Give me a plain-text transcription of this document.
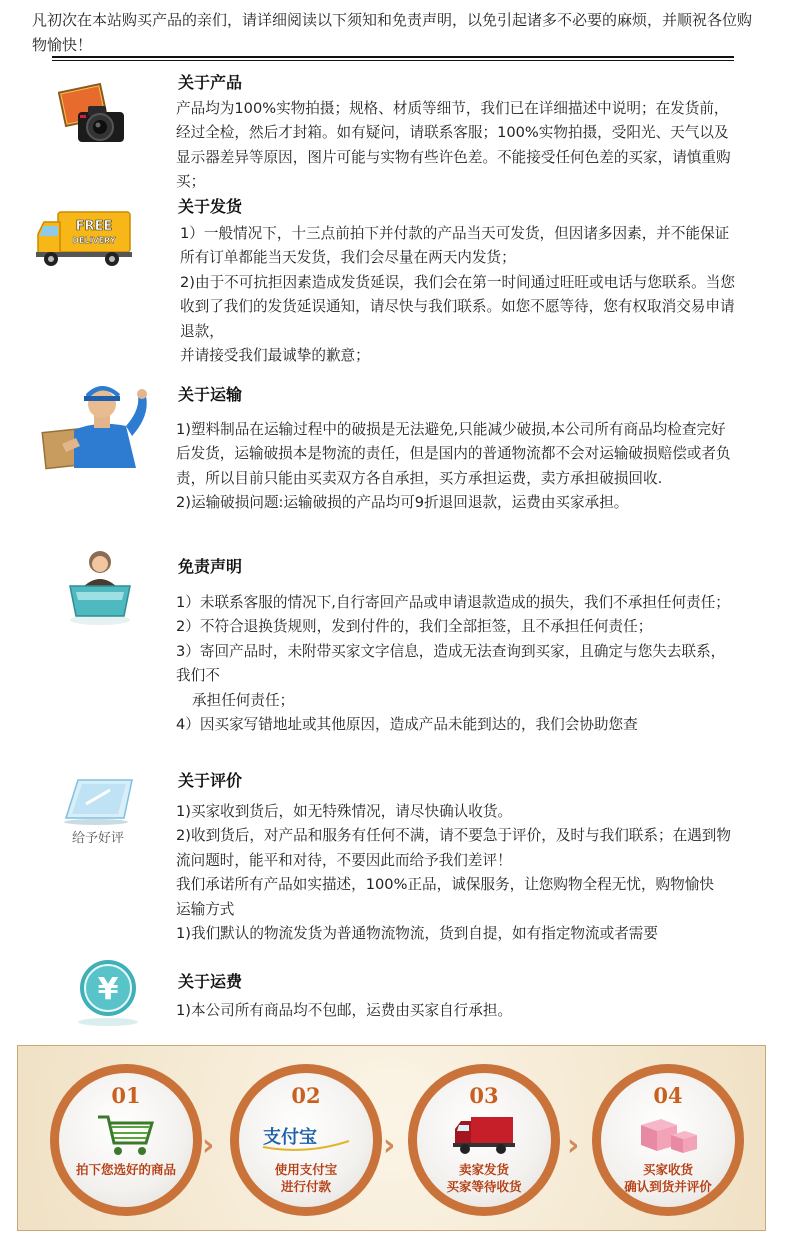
凡初次在本站购买产品的亲们，请详细阅读以下须知和免责声明，以免引起诸多不必要的麻烦，并顺祝各位购物愉快！
关于产品

产品均为100%实物拍摄；规格、材质等细节，我们已在详细描述中说明；在发货前，经过全检，然后才封箱。如有疑问，请联系客服；100%实物拍摄，受阳光、天气以及显示器差异等原因，图片可能与实物有些许色差。不能接受任何色差的买家，请慎重购买；

FREE
DELIVERY
关于发货

1）一般情况下，十三点前拍下并付款的产品当天可发货，但因诸多因素，并不能保证所有订单都能当天发货，我们会尽量在两天内发货；

2)由于不可抗拒因素造成发货延误，我们会在第一时间通过旺旺或电话与您联系。当您收到了我们的发货延误通知，请尽快与我们联系。如您不愿等待，您有权取消交易申请退款，

并请接受我们最诚挚的歉意；

关于运输

1)塑料制品在运输过程中的破损是无法避免,只能减少破损,本公司所有商品均检查完好后发货，运输破损本是物流的责任，但是国内的普通物流都不会对运输破损赔偿或者负责，所以目前只能由买卖双方各自承担，买方承担运费，卖方承担破损回收.

2)运输破损问题:运输破损的产品均可9折退回退款，运费由买家承担。

免责声明

1）未联系客服的情况下,自行寄回产品或申请退款造成的损失，我们不承担任何责任；

2）不符合退换货规则，发到付件的，我们全部拒签，且不承担任何责任；

3）寄回产品时，未附带买家文字信息，造成无法查询到买家，且确定与您失去联系，我们不

承担任何责任；

4）因买家写错地址或其他原因，造成产品未能到达的，我们会协助您查

给予好评
关于评价

1)买家收到货后，如无特殊情况，请尽快确认收货。

2)收到货后，对产品和服务有任何不满，请不要急于评价，及时与我们联系；在遇到物流问题时，能平和对待，不要因此而给予我们差评！

我们承诺所有产品如实描述，100%正品，诚保服务，让您购物全程无忧，购物愉快

运输方式

1)我们默认的物流发货为普通物流物流，货到自提，如有指定物流或者需要

¥	关于运费

1)本公司所有商品均不包邮，运费由买家自行承担。

01
拍下您选好的商品
02
支付宝
使用支付宝
进行付款
03
卖家发货
买家等待收货
04
买家收货
确认到货并评价
›	›	›
